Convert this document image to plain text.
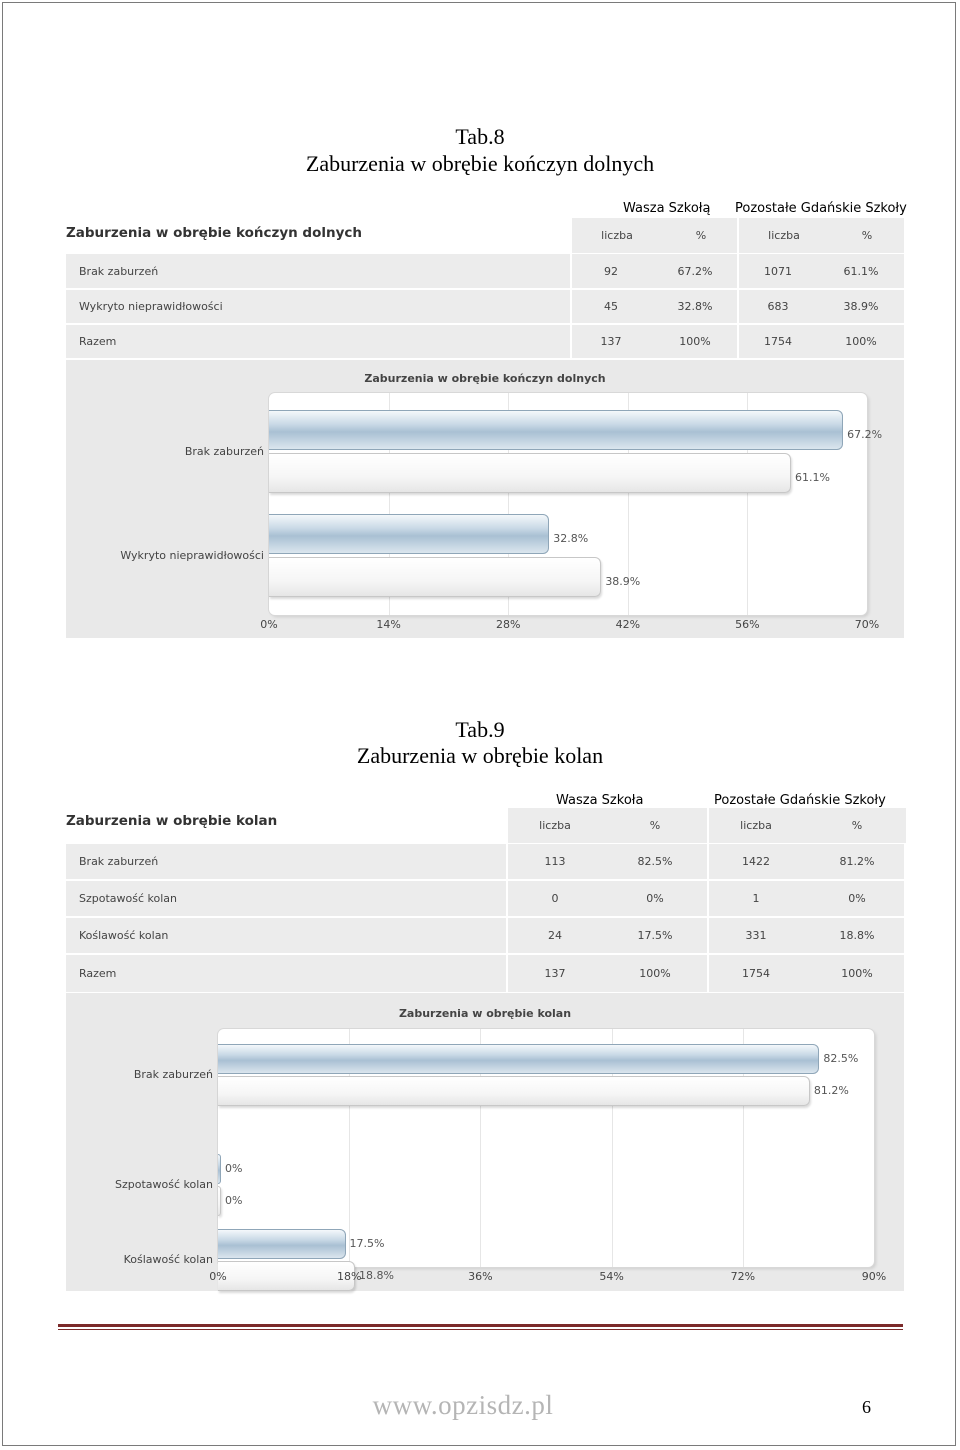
Tab.8
Zaburzenia w obrębie kończyn dolnych
Wasza Szkołą Pozostałe Gdańskie Szkoły
Zaburzenia w obrębie kończyn dolnych	liczba	%	liczba	%
Brak zaburzeń	92	67.2%	1071	61.1%
Wykryto nieprawidłowości	45	32.8%	683	38.9%
Razem	137	100%	1754	100%
Zaburzenia w obrębie kończyn dolnych
0%	14%	28%	42%	56%	70%
67.2%
61.1%
Brak zaburzeń
32.8%
38.9%
Wykryto nieprawidłowości
Tab.9
Zaburzenia w obrębie kolan
Wasza Szkoła	Pozostałe Gdańskie Szkoły
Zaburzenia w obrębie kolan	liczba	%	liczba	%
Brak zaburzeń	113	82.5%	1422	81.2%
Szpotawość kolan	0	0%	1	0%
Koślawość kolan	24	17.5%	331	18.8%
Razem	137	100%	1754	100%
Zaburzenia w obrębie kolan
0%	18%	36%	54%	72%	90%
82.5%
81.2%
Brak zaburzeń
0%
0%
Szpotawość kolan
17.5%
18.8%
Koślawość kolan
www.opzisdz.pl	6
